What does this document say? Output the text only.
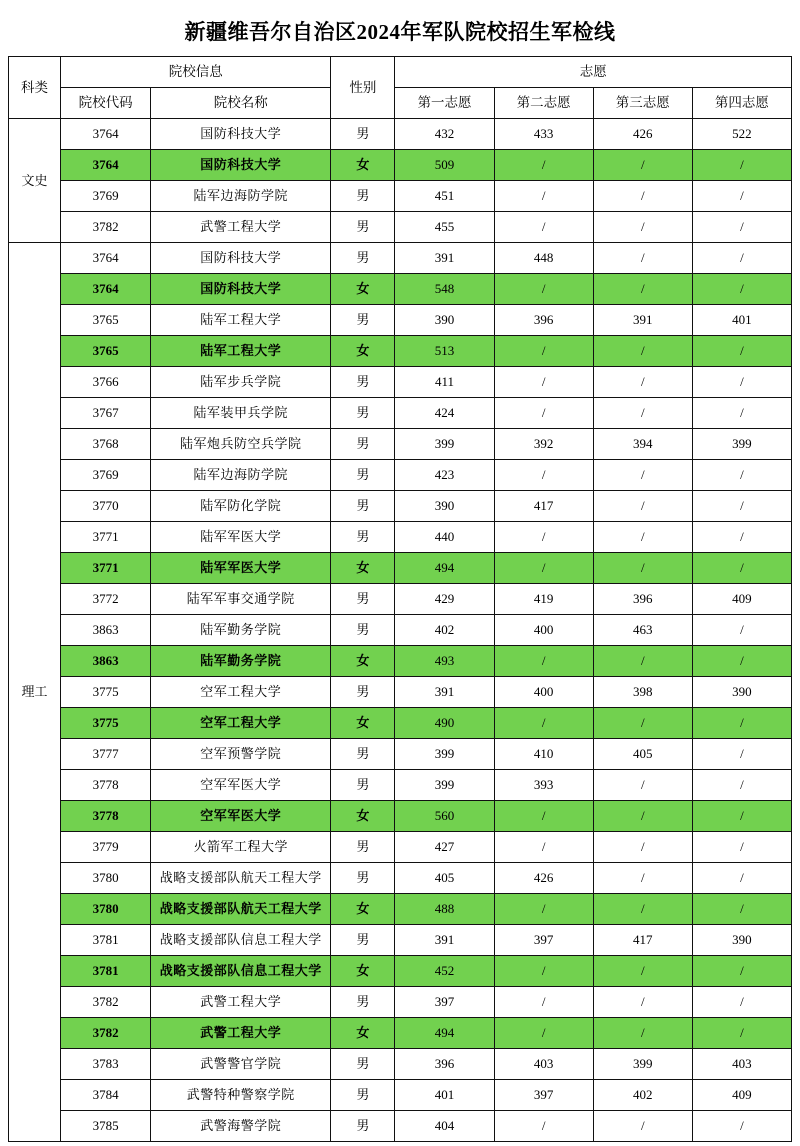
新疆维吾尔自治区2024年军队院校招生军检线
科类	院校信息		性别	志愿			
	院校代码	院校名称		第一志愿	第二志愿	第三志愿	第四志愿
文史	3764	国防科技大学	男	432	433	426	522
	3764	国防科技大学	女	509	/	/	/
	3769	陆军边海防学院	男	451	/	/	/
	3782	武警工程大学	男	455	/	/	/
理工	3764	国防科技大学	男	391	448	/	/
	3764	国防科技大学	女	548	/	/	/
	3765	陆军工程大学	男	390	396	391	401
	3765	陆军工程大学	女	513	/	/	/
	3766	陆军步兵学院	男	411	/	/	/
	3767	陆军装甲兵学院	男	424	/	/	/
	3768	陆军炮兵防空兵学院	男	399	392	394	399
	3769	陆军边海防学院	男	423	/	/	/
	3770	陆军防化学院	男	390	417	/	/
	3771	陆军军医大学	男	440	/	/	/
	3771	陆军军医大学	女	494	/	/	/
	3772	陆军军事交通学院	男	429	419	396	409
	3863	陆军勤务学院	男	402	400	463	/
	3863	陆军勤务学院	女	493	/	/	/
	3775	空军工程大学	男	391	400	398	390
	3775	空军工程大学	女	490	/	/	/
	3777	空军预警学院	男	399	410	405	/
	3778	空军军医大学	男	399	393	/	/
	3778	空军军医大学	女	560	/	/	/
	3779	火箭军工程大学	男	427	/	/	/
	3780	战略支援部队航天工程大学	男	405	426	/	/
	3780	战略支援部队航天工程大学	女	488	/	/	/
	3781	战略支援部队信息工程大学	男	391	397	417	390
	3781	战略支援部队信息工程大学	女	452	/	/	/
	3782	武警工程大学	男	397	/	/	/
	3782	武警工程大学	女	494	/	/	/
	3783	武警警官学院	男	396	403	399	403
	3784	武警特种警察学院	男	401	397	402	409
	3785	武警海警学院	男	404	/	/	/
